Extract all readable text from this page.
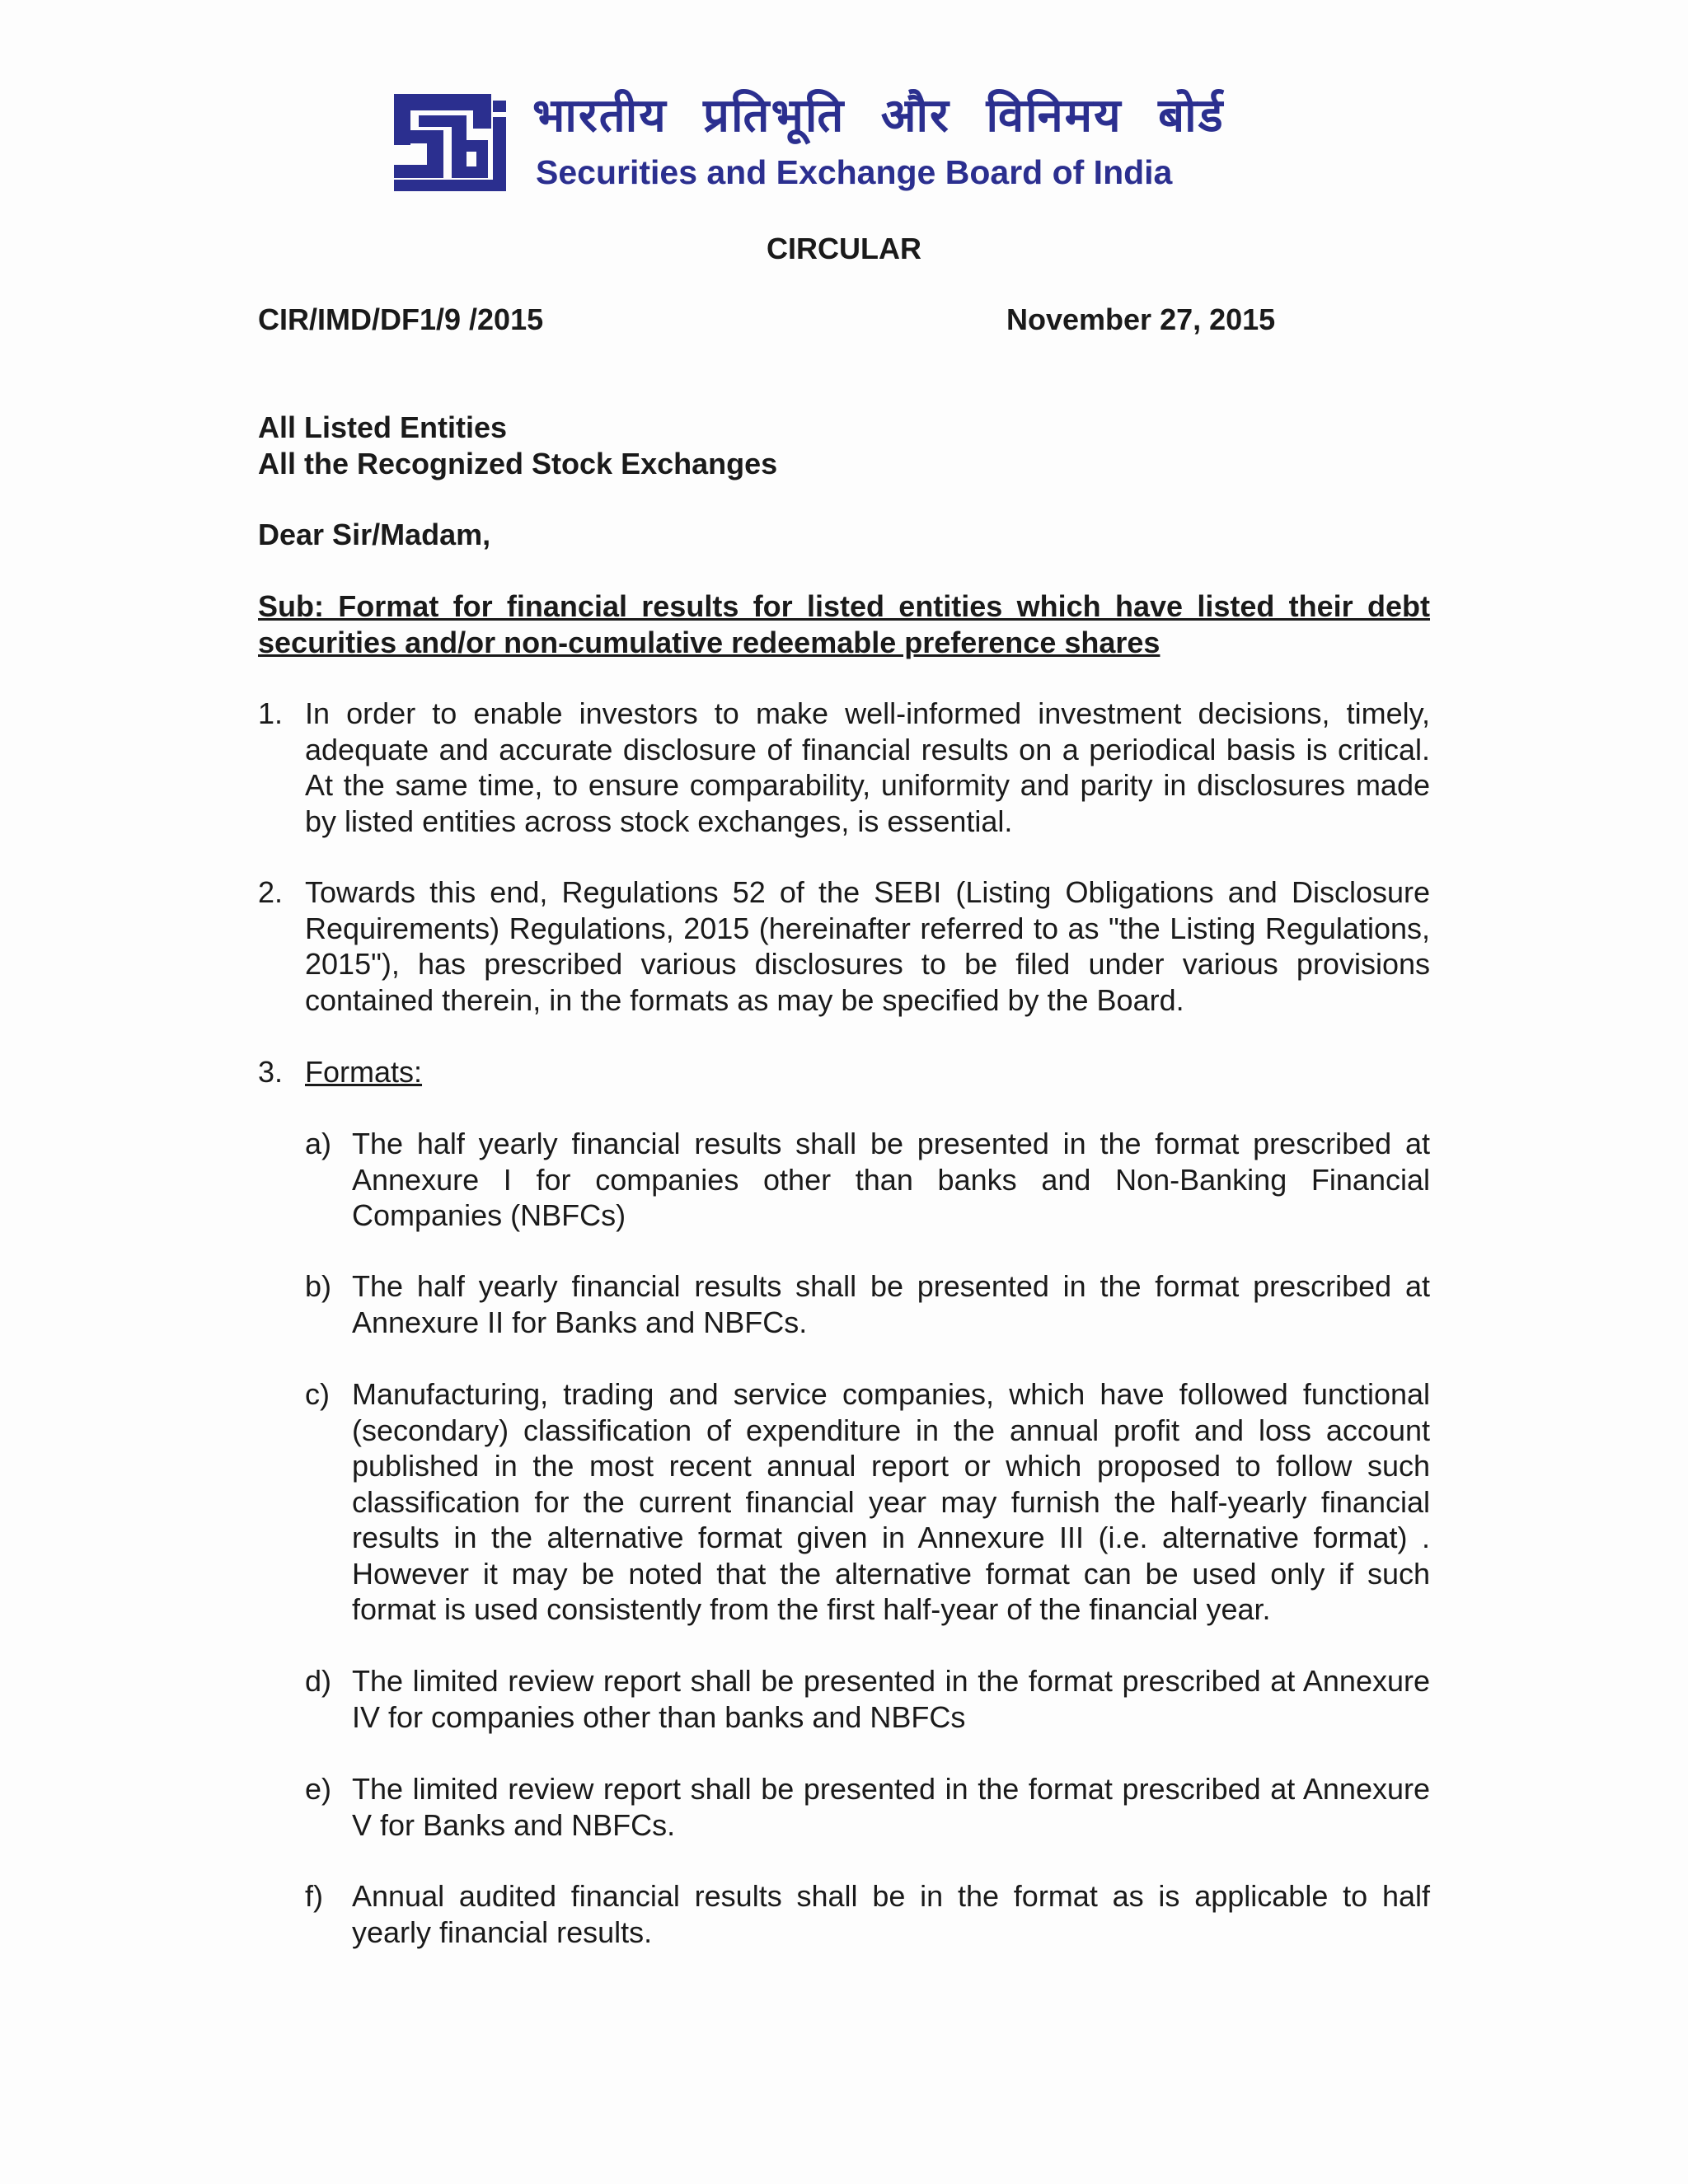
भारतीय प्रतिभूति और विनिमय बोर्ड
Securities and Exchange Board of India
CIRCULAR
CIR/IMD/DF1/9 /2015	November 27, 2015
All Listed Entities
All the Recognized Stock Exchanges
Dear Sir/Madam,
Sub: Format for financial results for listed entities which have listed their debt securities and/or non-cumulative redeemable preference shares
1. In order to enable investors to make well-informed investment decisions, timely, adequate and accurate disclosure of financial results on a periodical basis is critical. At the same time, to ensure comparability, uniformity and parity in disclosures made by listed entities across stock exchanges, is essential.
2. Towards this end, Regulations 52 of the SEBI (Listing Obligations and Disclosure Requirements) Regulations, 2015 (hereinafter referred to as "the Listing Regulations, 2015"), has prescribed various disclosures to be filed under various provisions contained therein, in the formats as may be specified by the Board.
3. Formats:
a) The half yearly financial results shall be presented in the format prescribed at Annexure I for companies other than banks and Non-Banking Financial Companies (NBFCs)
b) The half yearly financial results shall be presented in the format prescribed at Annexure II for Banks and NBFCs.
c) Manufacturing, trading and service companies, which have followed functional (secondary) classification of expenditure in the annual profit and loss account published in the most recent annual report or which proposed to follow such classification for the current financial year may furnish the half-yearly financial results in the alternative format given in Annexure III (i.e. alternative format) . However it may be noted that the alternative format can be used only if such format is used consistently from the first half-year of the financial year.
d) The limited review report shall be presented in the format prescribed at Annexure IV for companies other than banks and NBFCs
e) The limited review report shall be presented in the format prescribed at Annexure V for Banks and NBFCs.
f) Annual audited financial results shall be in the format as is applicable to half yearly financial results.
